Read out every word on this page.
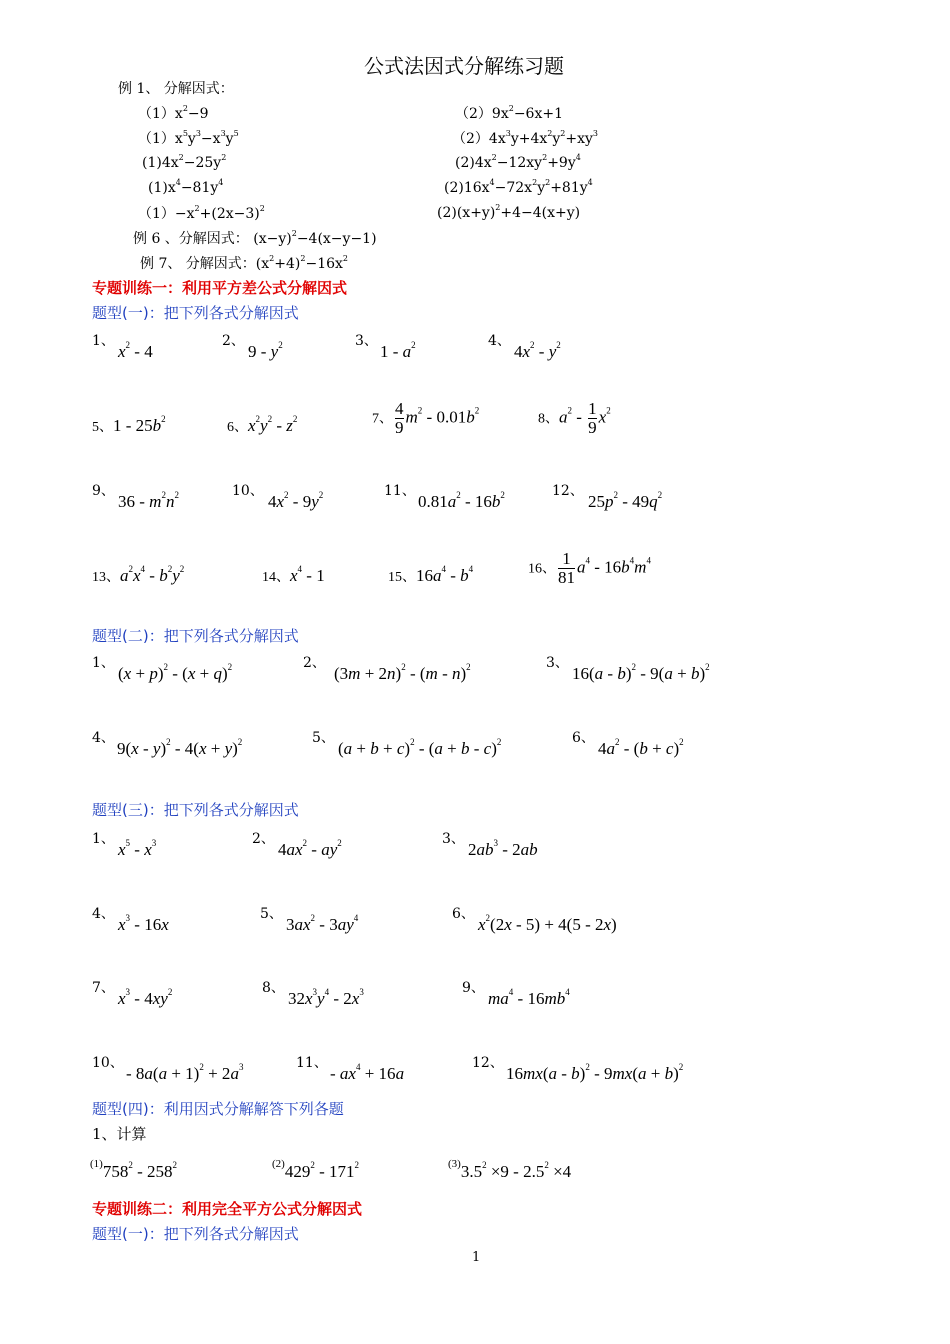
公式法因式分解练习题
例 1、 分解因式：
$(1)x^2-9$	$(2)9x^2-6x+1$
$(1)x^5y^3-x^3y^5$	$(2)4x^3y+4x^2y^2+xy^3$
$(1)4x^2-25y^2$	$(2)4x^2-12xy^2+9y^4$
$(1)x^4-81y^4$	$(2)16x^4-72x^2y^2+81y^4$
$(1)-x^2+(2x-3)^2$	$(2)(x+y)^2+4-4(x+y)$
例 6 、分解因式： $(x-y)^2-4(x-y-1)$
例 7、 分解因式：$(x^2+4)^2-16x^2$
专题训练一：利用平方差公式分解因式
题型(一)：把下列各式分解因式
1、
$x^2 - 4$
2、
$9 - y^2$	3、
$1 - a^2$	4、
$4x^2 - y^2$
5、$1 - 25b^2$
6、$x^2y^2 - z^2$	7、 $\frac{4}{9} m^2 - 0.01b^2$
8、$a^2 - \frac{1}{9} x^2$
9、
$36 - m^2n^2$	10、
$4x^2 - 9y^2$	11、
$0.81a^2 - 16b^2$	12、
$25p^2 - 49q^2$
13、$a^2x^4 - b^2y^2$
14、$x^4 - 1$	15、$16a^4 - b^4$	16、 $\frac{1}{81} a^4 - 16b^4m^4$
题型(二)：把下列各式分解因式
1、
$(x + p)^2 - (x + q)^2$	2、
$(3m + 2n)^2 - (m - n)^2$	3、
$16(a - b)^2 - 9(a + b)^2$
4、
$9(x - y)^2 - 4(x + y)^2$	5、
$(a + b + c)^2 - (a + b - c)^2$	6、
$4a^2 - (b + c)^2$
题型(三)：把下列各式分解因式
1、
$x^5 - x^3$	2、
$4ax^2 - ay^2$	3、
$2ab^3 - 2ab$
4、
$x^3 - 16x$
5、
$3ax^2 - 3ay^4$	6、
$x^2(2x - 5) + 4(5 - 2x)$
7、
$x^3 - 4xy^2$	8、
$32x^3y^4 - 2x^3$	9、
$ma^4 - 16mb^4$
10、
- $8a(a + 1)^2 + 2a^3$	11、
- $ax^4 + 16a$
12、
$16mx(a - b)^2 - 9mx(a + b)^2$
题型(四)：利用因式分解解答下列各题
1、计算
$^{(1)}758^2 - 258^2$	$^{(2)}429^2 - 171^2$	$^{(3)}3.5^2 \times 9 - 2.5^2 \times 4$
专题训练二：利用完全平方公式分解因式
题型(一)：把下列各式分解因式
1
